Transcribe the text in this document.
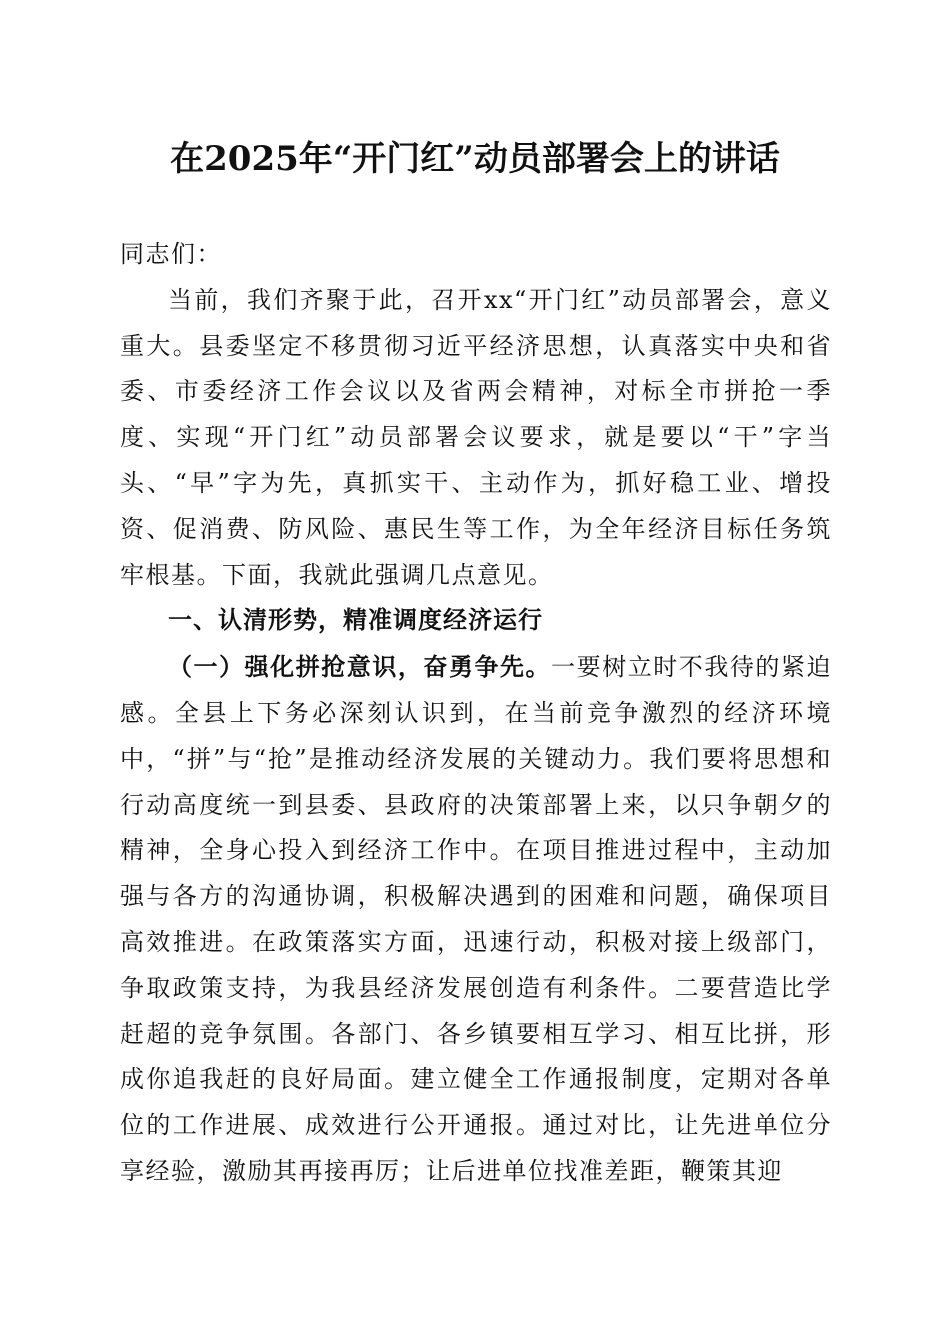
在2025年“开门红”动员部署会上的讲话

同志们：

当前，我们齐聚于此，召开xx“开门红”动员部署会，意义重大。县委坚定不移贯彻习近平经济思想，认真落实中央和省委、市委经济工作会议以及省两会精神，对标全市拼抢一季度、实现“开门红”动员部署会议要求，就是要以“干”字当头、“早”字为先，真抓实干、主动作为，抓好稳工业、增投资、促消费、防风险、惠民生等工作，为全年经济目标任务筑牢根基。下面，我就此强调几点意见。

一、认清形势，精准调度经济运行

（一）强化拼抢意识，奋勇争先。一要树立时不我待的紧迫感。全县上下务必深刻认识到，在当前竞争激烈的经济环境中，“拼”与“抢”是推动经济发展的关键动力。我们要将思想和行动高度统一到县委、县政府的决策部署上来，以只争朝夕的精神，全身心投入到经济工作中。在项目推进过程中，主动加强与各方的沟通协调，积极解决遇到的困难和问题，确保项目高效推进。在政策落实方面，迅速行动，积极对接上级部门，争取政策支持，为我县经济发展创造有利条件。二要营造比学赶超的竞争氛围。各部门、各乡镇要相互学习、相互比拼，形成你追我赶的良好局面。建立健全工作通报制度，定期对各单位的工作进展、成效进行公开通报。通过对比，让先进单位分享经验，激励其再接再厉；让后进单位找准差距，鞭策其迎
